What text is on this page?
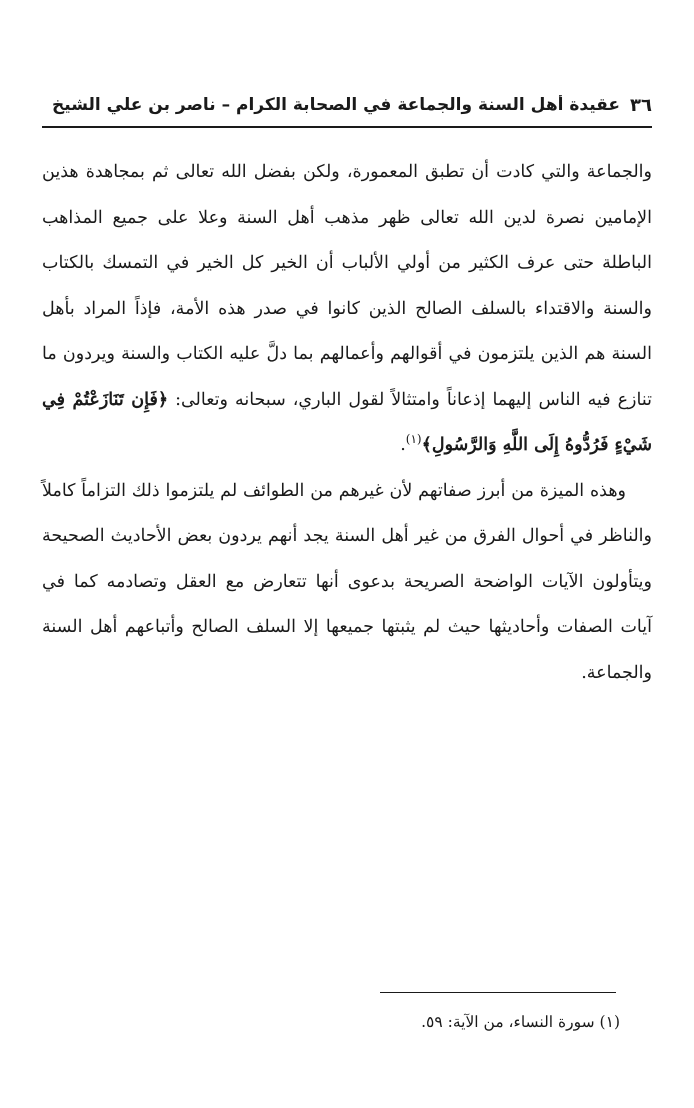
٣٦
عقيدة أهل السنة والجماعة في الصحابة الكرام – ناصر بن علي الشيخ

والجماعة والتي كادت أن تطبق المعمورة، ولكن بفضل الله تعالى ثم بمجاهدة هذين الإمامين نصرة لدين الله تعالى ظهر مذهب أهل السنة وعلا على جميع المذاهب الباطلة حتى عرف الكثير من أولي الألباب أن الخير كل الخير في التمسك بالكتاب والسنة والاقتداء بالسلف الصالح الذين كانوا في صدر هذه الأمة، فإذاً المراد بأهل السنة هم الذين يلتزمون في أقوالهم وأعمالهم بما دلَّ عليه الكتاب والسنة ويردون ما تنازع فيه الناس إليهما إذعاناً وامتثالاً لقول الباري، سبحانه وتعالى: ﴿فَإِن تَنَازَعْتُمْ فِي شَيْءٍ فَرُدُّوهُ إِلَى اللَّهِ وَالرَّسُولِ﴾$^{(١)}$.

وهذه الميزة من أبرز صفاتهم لأن غيرهم من الطوائف لم يلتزموا ذلك التزاماً كاملاً والناظر في أحوال الفرق من غير أهل السنة يجد أنهم يردون بعض الأحاديث الصحيحة ويتأولون الآيات الواضحة الصريحة بدعوى أنها تتعارض مع العقل وتصادمه كما في آيات الصفات وأحاديثها حيث لم يثبتها جميعها إلا السلف الصالح وأتباعهم أهل السنة والجماعة.

(١) سورة النساء، من الآية: ٥٩.
